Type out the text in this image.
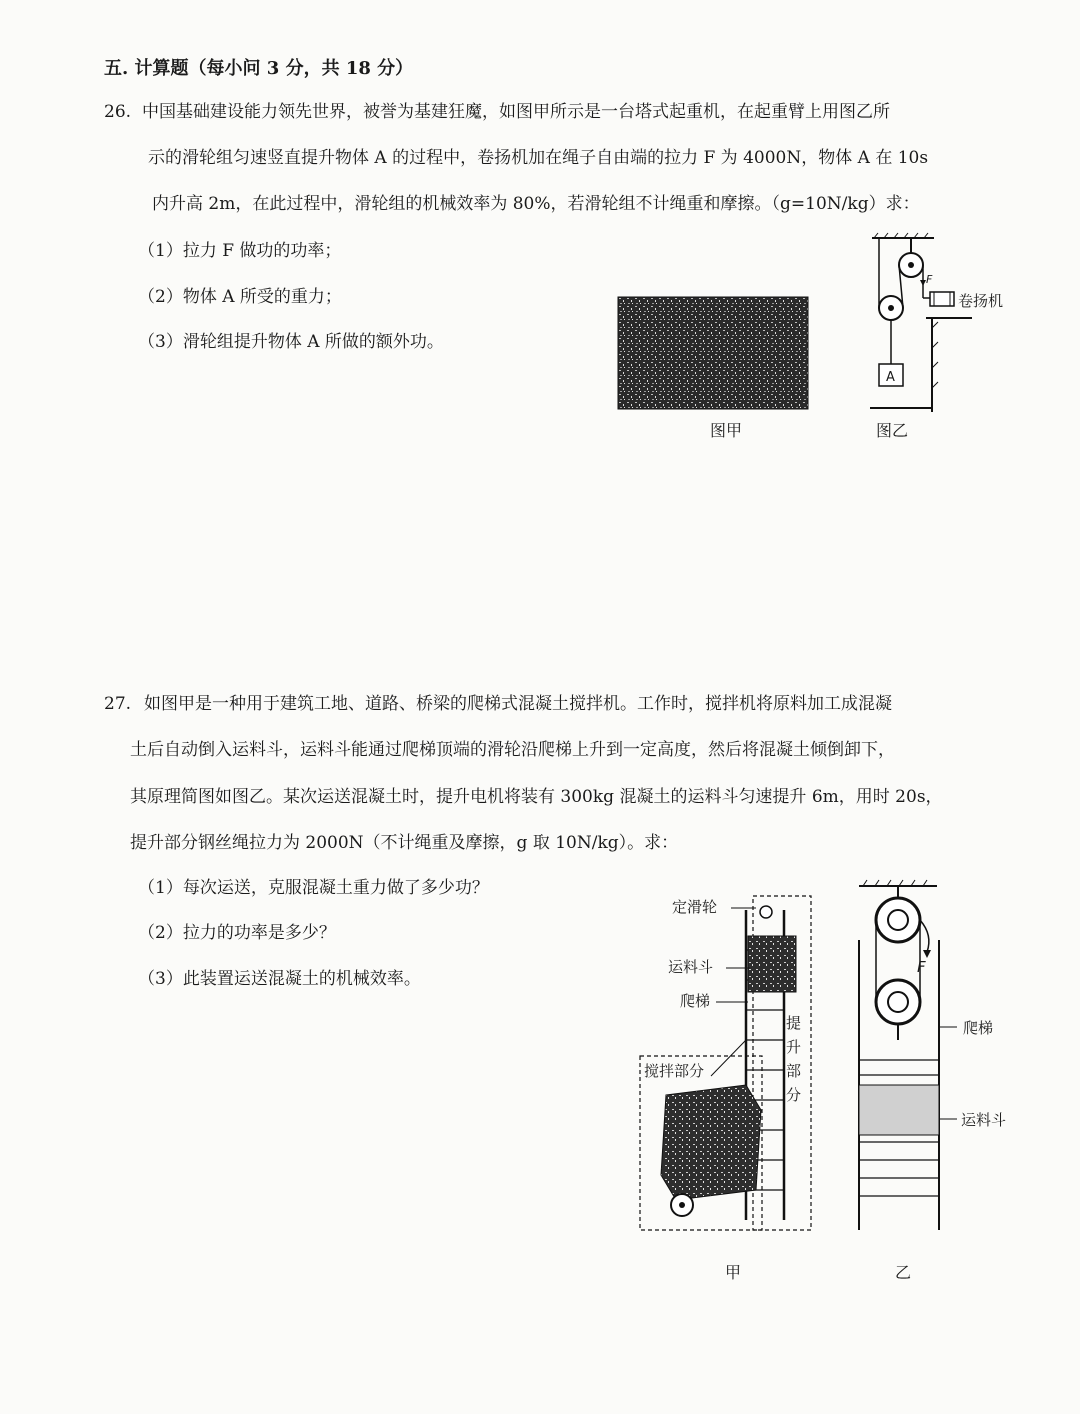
五. 计算题（每小问 3 分，共 18 分）
26. 中国基础建设能力领先世界，被誉为基建狂魔，如图甲所示是一台塔式起重机，在起重臂上用图乙所
示的滑轮组匀速竖直提升物体 A 的过程中，卷扬机加在绳子自由端的拉力 F 为 4000N，物体 A 在 10s
内升高 2m，在此过程中，滑轮组的机械效率为 80%，若滑轮组不计绳重和摩擦。（g=10N/kg）求：
（1）拉力 F 做功的功率；
（2）物体 A 所受的重力；
（3）滑轮组提升物体 A 所做的额外功。
图甲
F
卷扬机
A
图乙
27. 如图甲是一种用于建筑工地、道路、桥梁的爬梯式混凝土搅拌机。工作时，搅拌机将原料加工成混凝
土后自动倒入运料斗，运料斗能通过爬梯顶端的滑轮沿爬梯上升到一定高度，然后将混凝土倾倒卸下，
其原理简图如图乙。某次运送混凝土时，提升电机将装有 300kg 混凝土的运料斗匀速提升 6m，用时 20s，
提升部分钢丝绳拉力为 2000N（不计绳重及摩擦，g 取 10N/kg）。求：
（1）每次运送，克服混凝土重力做了多少功？
（2）拉力的功率是多少？
（3）此装置运送混凝土的机械效率。
定滑轮
运料斗
爬梯
搅拌部分
提
升
部
分
甲
F
爬梯
运料斗
乙
